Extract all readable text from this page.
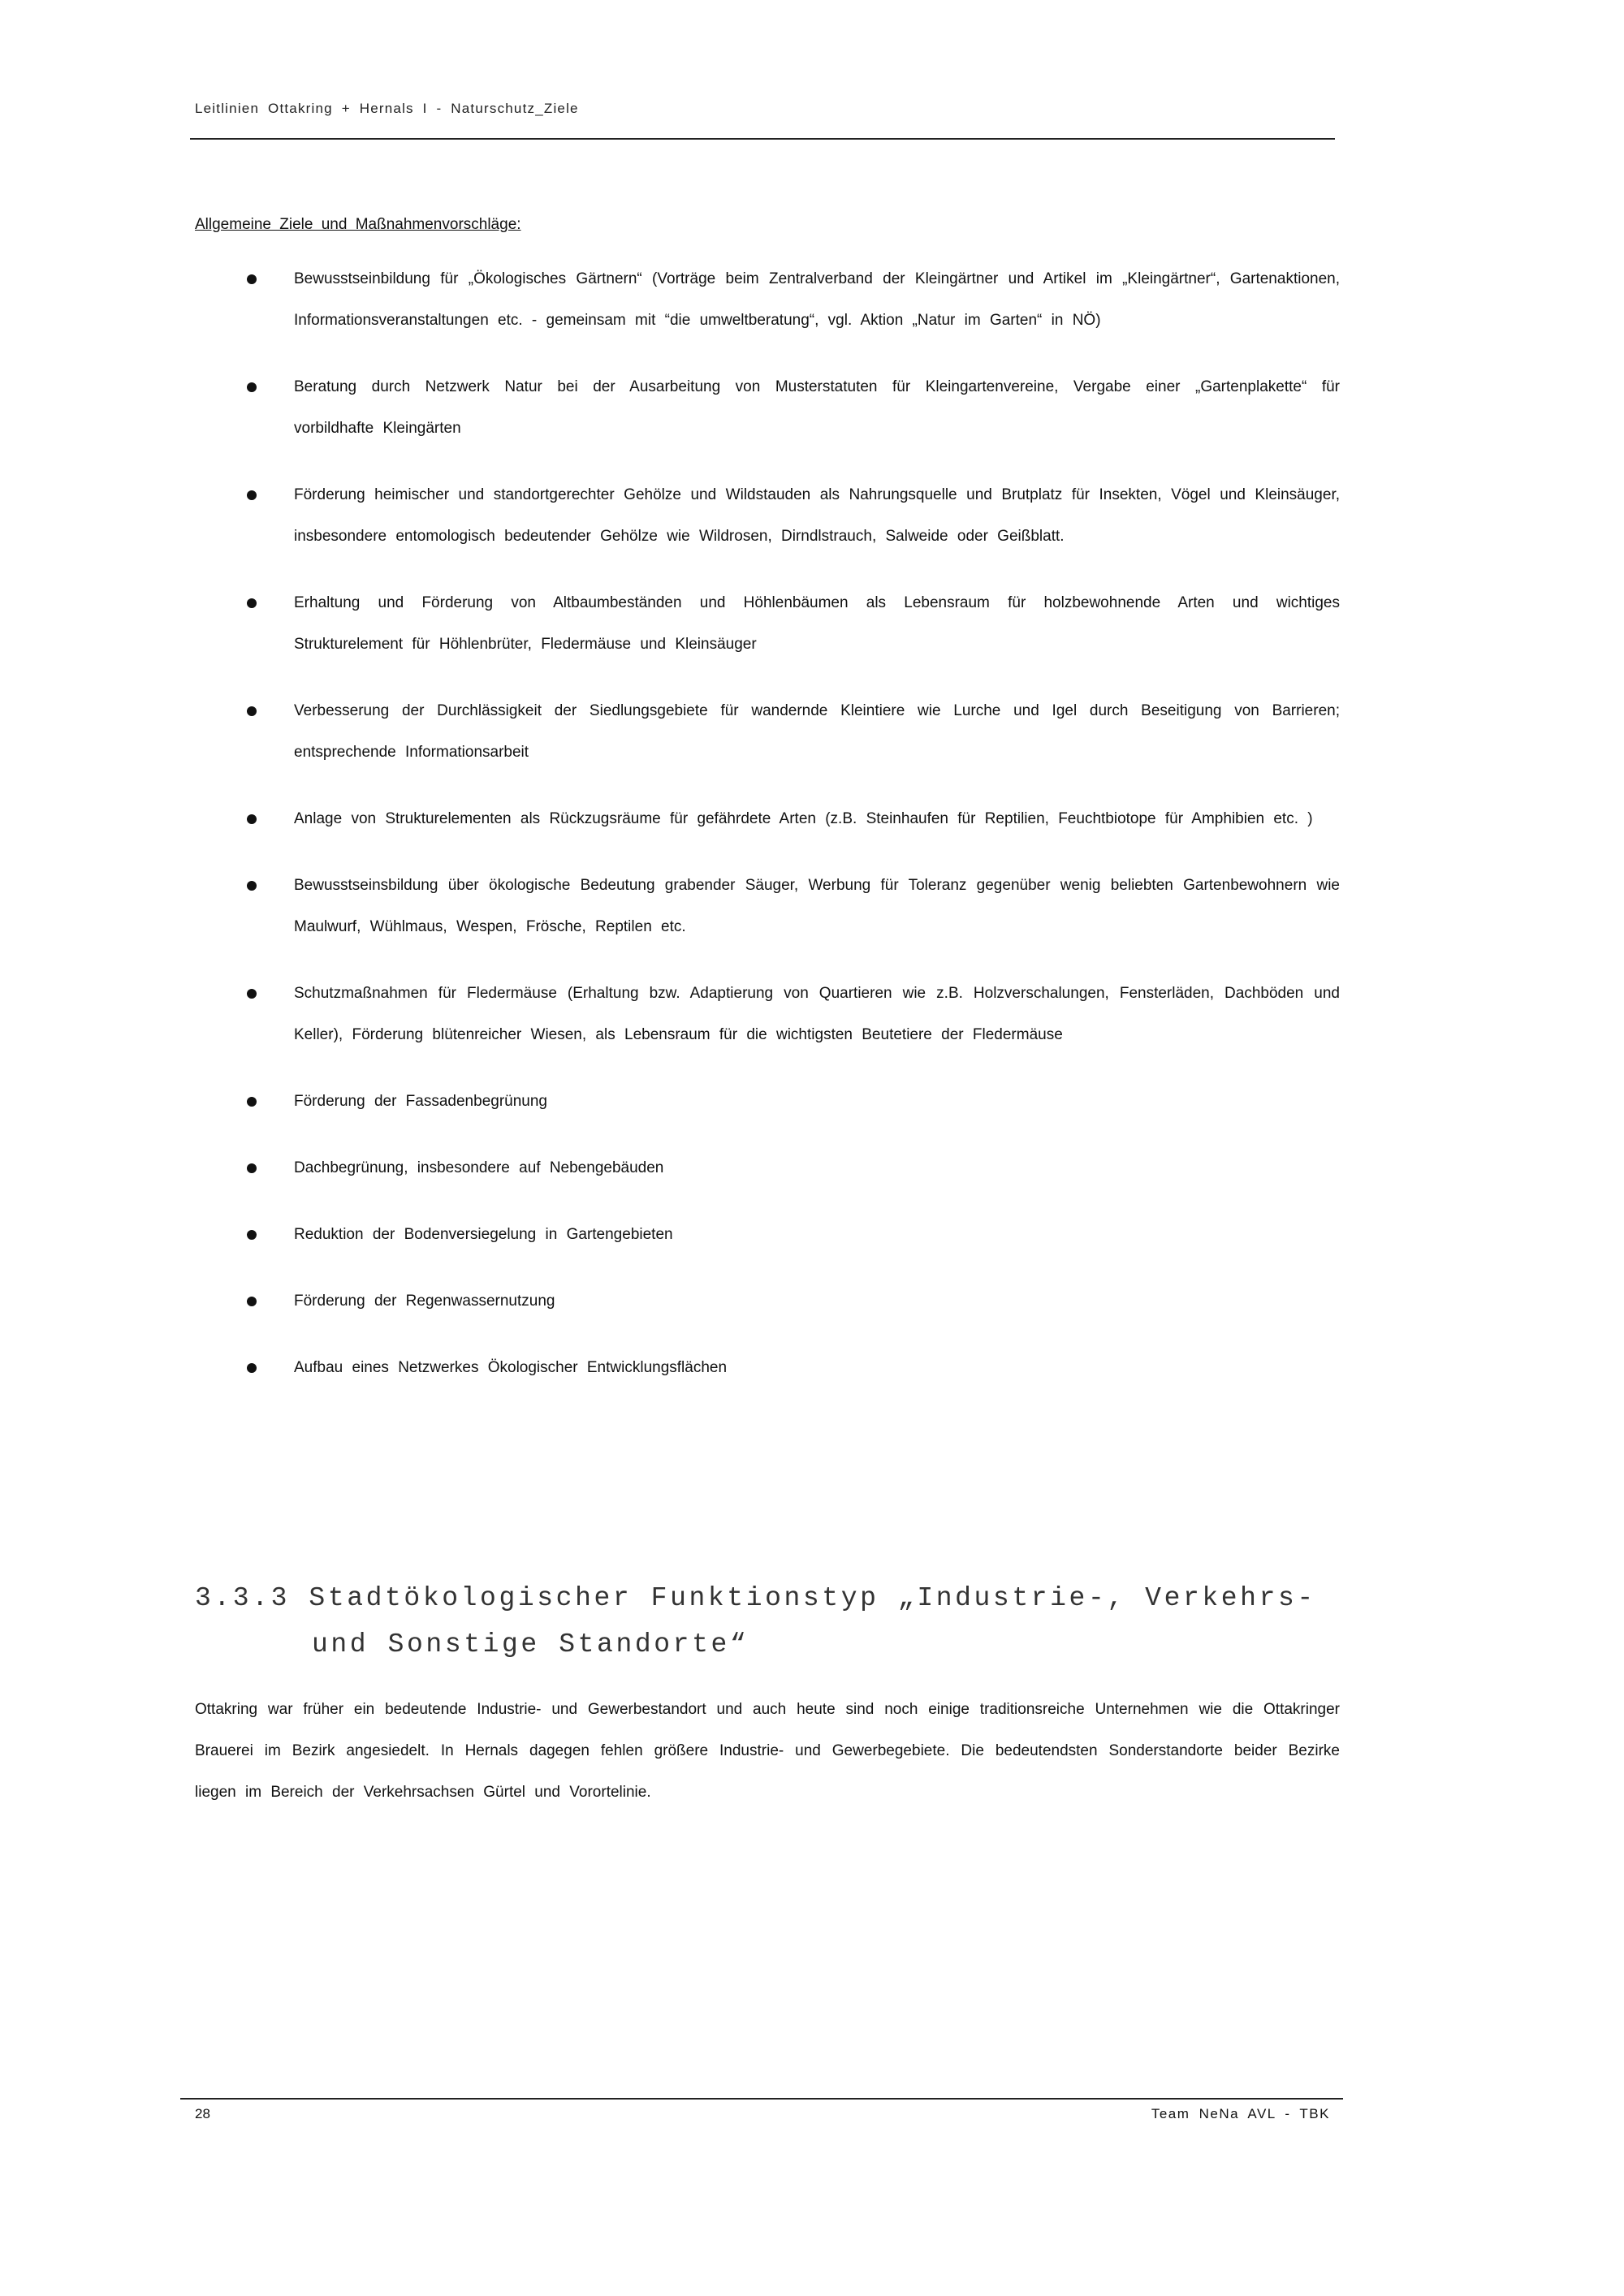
Leitlinien Ottakring + Hernals I - Naturschutz_Ziele
Allgemeine Ziele und Maßnahmenvorschläge:
Bewusstseinbildung für „Ökologisches Gärtnern“ (Vorträge beim Zentralverband der Kleingärtner und Artikel im „Kleingärtner“, Gartenaktionen, Informationsveranstaltungen etc. - gemeinsam mit “die umweltberatung“, vgl. Aktion „Natur im Garten“ in NÖ)
Beratung durch Netzwerk Natur bei der Ausarbeitung von Musterstatuten für Kleingartenvereine, Vergabe einer „Gartenplakette“ für vorbildhafte Kleingärten
Förderung heimischer und standortgerechter Gehölze und Wildstauden als Nahrungsquelle und Brutplatz für Insekten, Vögel und Kleinsäuger, insbesondere entomologisch bedeutender Gehölze wie Wildrosen, Dirndlstrauch, Salweide oder Geißblatt.
Erhaltung und Förderung von Altbaumbeständen und Höhlenbäumen als Lebensraum für holzbewohnende Arten und wichtiges Strukturelement für Höhlenbrüter, Fledermäuse und Kleinsäuger
Verbesserung der Durchlässigkeit der Siedlungsgebiete für wandernde Kleintiere wie Lurche und Igel durch Beseitigung von Barrieren; entsprechende Informationsarbeit
Anlage von Strukturelementen als Rückzugsräume für gefährdete Arten (z.B. Steinhaufen für Reptilien, Feuchtbiotope für Amphibien etc. )
Bewusstseinsbildung über ökologische Bedeutung grabender Säuger, Werbung für Toleranz gegenüber wenig beliebten Gartenbewohnern wie Maulwurf, Wühlmaus, Wespen, Frösche, Reptilen etc.
Schutzmaßnahmen für Fledermäuse (Erhaltung bzw. Adaptierung von Quartieren wie z.B. Holzverschalungen, Fensterläden, Dachböden und Keller), Förderung blütenreicher Wiesen, als Lebensraum für die wichtigsten Beutetiere der Fledermäuse
Förderung der Fassadenbegrünung
Dachbegrünung, insbesondere auf Nebengebäuden
Reduktion der Bodenversiegelung in Gartengebieten
Förderung der Regenwassernutzung
Aufbau eines Netzwerkes Ökologischer Entwicklungsflächen
3.3.3 Stadtökologischer Funktionstyp „Industrie-, Verkehrs-
und Sonstige Standorte“

Ottakring war früher ein bedeutende Industrie- und Gewerbestandort und auch heute sind noch einige traditionsreiche Unternehmen wie die Ottakringer Brauerei im Bezirk angesiedelt. In Hernals dagegen fehlen größere Industrie- und Gewerbegebiete. Die bedeutendsten Sonderstandorte beider Bezirke liegen im Bereich der Verkehrsachsen Gürtel und Vorortelinie.

28	Team NeNa AVL - TBK
